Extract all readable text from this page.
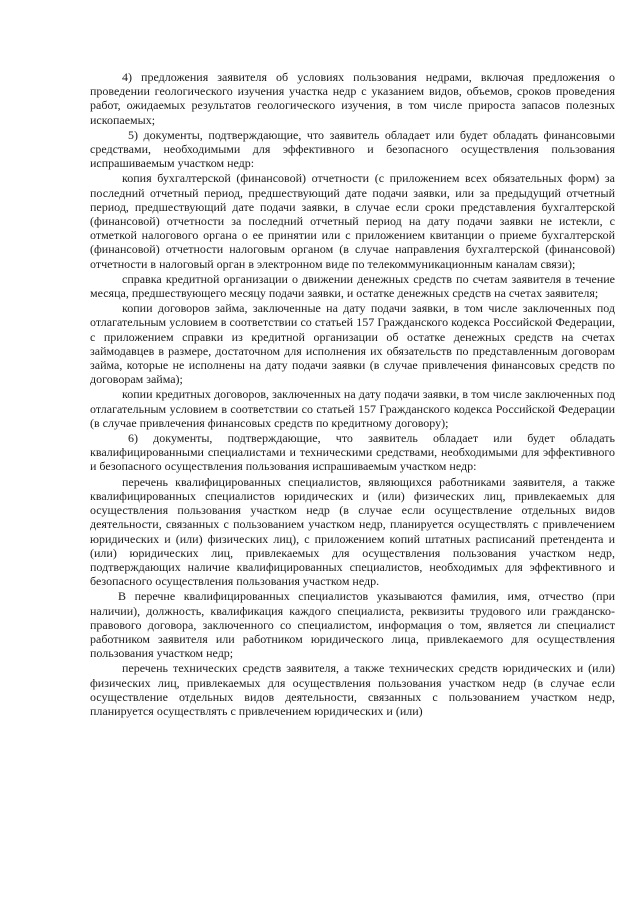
4) предложения заявителя об условиях пользования недрами, включая предложения о проведении геологического изучения участка недр с указанием видов, объемов, сроков проведения работ, ожидаемых результатов геологического изучения, в том числе прироста запасов полезных ископаемых;

5) документы, подтверждающие, что заявитель обладает или будет обладать финансовыми средствами, необходимыми для эффективного и безопасного осуществления пользования испрашиваемым участком недр:

копия бухгалтерской (финансовой) отчетности (с приложением всех обязательных форм) за последний отчетный период, предшествующий дате подачи заявки, или за предыдущий отчетный период, предшествующий дате подачи заявки, в случае если сроки представления бухгалтерской (финансовой) отчетности за последний отчетный период на дату подачи заявки не истекли, с отметкой налогового органа о ее принятии или с приложением квитанции о приеме бухгалтерской (финансовой) отчетности налоговым органом (в случае направления бухгалтерской (финансовой) отчетности в налоговый орган в электронном виде по телекоммуникационным каналам связи);

справка кредитной организации о движении денежных средств по счетам заявителя в течение месяца, предшествующего месяцу подачи заявки, и остатке денежных средств на счетах заявителя;

копии договоров займа, заключенные на дату подачи заявки, в том числе заключенных под отлагательным условием в соответствии со статьей 157 Гражданского кодекса Российской Федерации, с приложением справки из кредитной организации об остатке денежных средств на счетах займодавцев в размере, достаточном для исполнения их обязательств по представленным договорам займа, которые не исполнены на дату подачи заявки (в случае привлечения финансовых средств по договорам займа);

копии кредитных договоров, заключенных на дату подачи заявки, в том числе заключенных под отлагательным условием в соответствии со статьей 157 Гражданского кодекса Российской Федерации (в случае привлечения финансовых средств по кредитному договору);

6) документы, подтверждающие, что заявитель обладает или будет обладать квалифицированными специалистами и техническими средствами, необходимыми для эффективного и безопасного осуществления пользования испрашиваемым участком недр:

перечень квалифицированных специалистов, являющихся работниками заявителя, а также квалифицированных специалистов юридических и (или) физических лиц, привлекаемых для осуществления пользования участком недр (в случае если осуществление отдельных видов деятельности, связанных с пользованием участком недр, планируется осуществлять с привлечением юридических и (или) физических лиц), с приложением копий штатных расписаний претендента и (или) юридических лиц, привлекаемых для осуществления пользования участком недр, подтверждающих наличие квалифицированных специалистов, необходимых для эффективного и безопасного осуществления пользования участком недр.

В перечне квалифицированных специалистов указываются фамилия, имя, отчество (при наличии), должность, квалификация каждого специалиста, реквизиты трудового или гражданско-правового договора, заключенного со специалистом, информация о том, является ли специалист работником заявителя или работником юридического лица, привлекаемого для осуществления пользования участком недр;

перечень технических средств заявителя, а также технических средств юридических и (или) физических лиц, привлекаемых для осуществления пользования участком недр (в случае если осуществление отдельных видов деятельности, связанных с пользованием участком недр, планируется осуществлять с привлечением юридических и (или)
